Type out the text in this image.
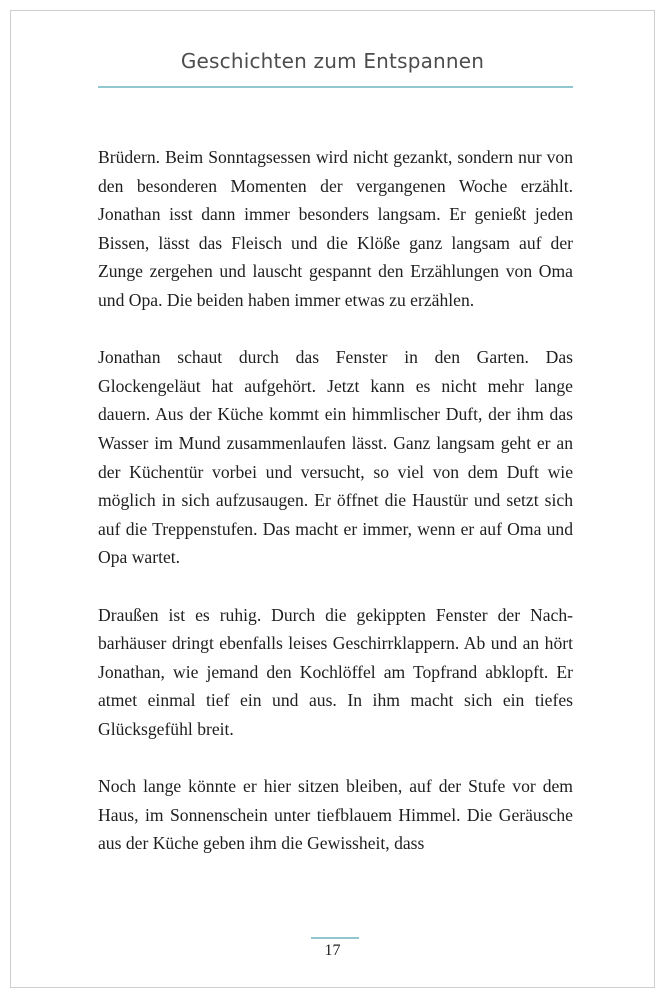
Geschichten zum Entspannen

Brüdern. Beim Sonntagsessen wird nicht gezankt, sondern nur von den besonderen Momenten der vergangenen Woche erzählt. Jonathan isst dann immer besonders langsam. Er genießt jeden Bissen, lässt das Fleisch und die Klöße ganz langsam auf der Zunge zergehen und lauscht gespannt den Erzählungen von Oma und Opa. Die beiden haben immer etwas zu erzählen.

Jonathan schaut durch das Fenster in den Garten. Das Glockengeläut hat aufgehört. Jetzt kann es nicht mehr lange dauern. Aus der Küche kommt ein himmlischer Duft, der ihm das Wasser im Mund zusammenlaufen lässt. Ganz langsam geht er an der Küchentür vorbei und versucht, so viel von dem Duft wie möglich in sich aufzusaugen. Er öffnet die Haustür und setzt sich auf die Treppenstufen. Das macht er immer, wenn er auf Oma und Opa wartet.

Draußen ist es ruhig. Durch die gekippten Fenster der Nachbarhäuser dringt ebenfalls leises Geschirrklappern. Ab und an hört Jonathan, wie jemand den Kochlöffel am Topfrand abklopft. Er atmet einmal tief ein und aus. In ihm macht sich ein tiefes Glücksgefühl breit.

Noch lange könnte er hier sitzen bleiben, auf der Stufe vor dem Haus, im Sonnenschein unter tiefblauem Himmel. Die Geräusche aus der Küche geben ihm die Gewissheit, dass

17
